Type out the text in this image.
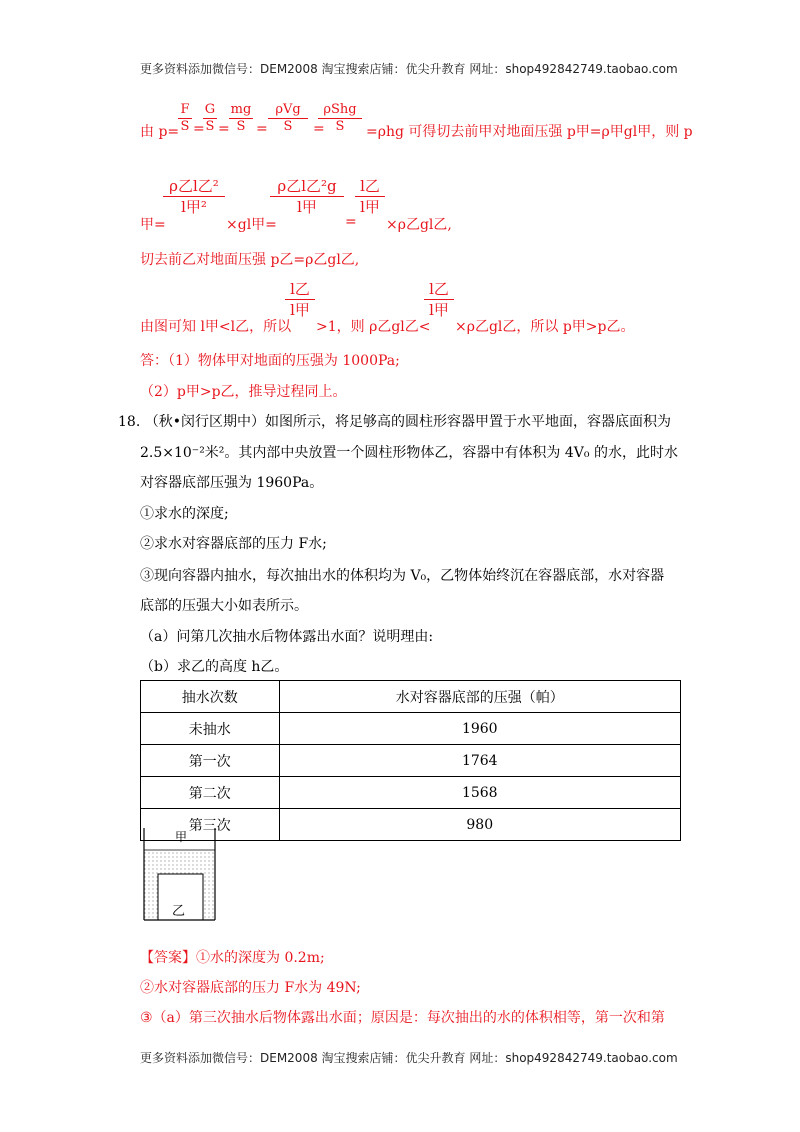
更多资料添加微信号：DEM2008 淘宝搜索店铺：优尖升教育 网址：shop492842749.taobao.com
由 p=
$\frac{F}{S}$ =
$\frac{G}{S} = \frac{mg}{S}$ =
ρVg
S	=
ρShg
S	=ρhg 可得切去前甲对地面压强 p甲=ρ甲gl甲，则 p
甲=
ρ乙l乙²
l甲²
×gl甲=
ρ乙l乙²g
l甲
=
l乙
l甲
×ρ乙gl乙,
切去前乙对地面压强 p乙=ρ乙gl乙,
由图可知 l甲<l乙，所以
l乙
l甲
>1，则 ρ乙gl乙<
l乙
l甲
×ρ乙gl乙，所以 p甲>p乙。
答：（1）物体甲对地面的压强为 1000Pa;
（2）p甲>p乙，推导过程同上。
18. （秋•闵行区期中）如图所示，将足够高的圆柱形容器甲置于水平地面，容器底面积为
2.5×10⁻²米²。其内部中央放置一个圆柱形物体乙，容器中有体积为 4V₀ 的水，此时水
对容器底部压强为 1960Pa。
①求水的深度;
②求水对容器底部的压力 F水;
③现向容器内抽水，每次抽出水的体积均为 V₀，乙物体始终沉在容器底部，水对容器
底部的压强大小如表所示。
（a）问第几次抽水后物体露出水面？说明理由:
（b）求乙的高度 h乙。
抽水次数	水对容器底部的压强（帕）
未抽水	1960
第一次	1764
第二次	1568
第三次	980
甲
乙
【答案】 ①水的深度为 0.2m;
②水对容器底部的压力 F水为 49N;
③（a）第三次抽水后物体露出水面；原因是：每次抽出的水的体积相等，第一次和第
更多资料添加微信号：DEM2008 淘宝搜索店铺：优尖升教育 网址：shop492842749.taobao.com
